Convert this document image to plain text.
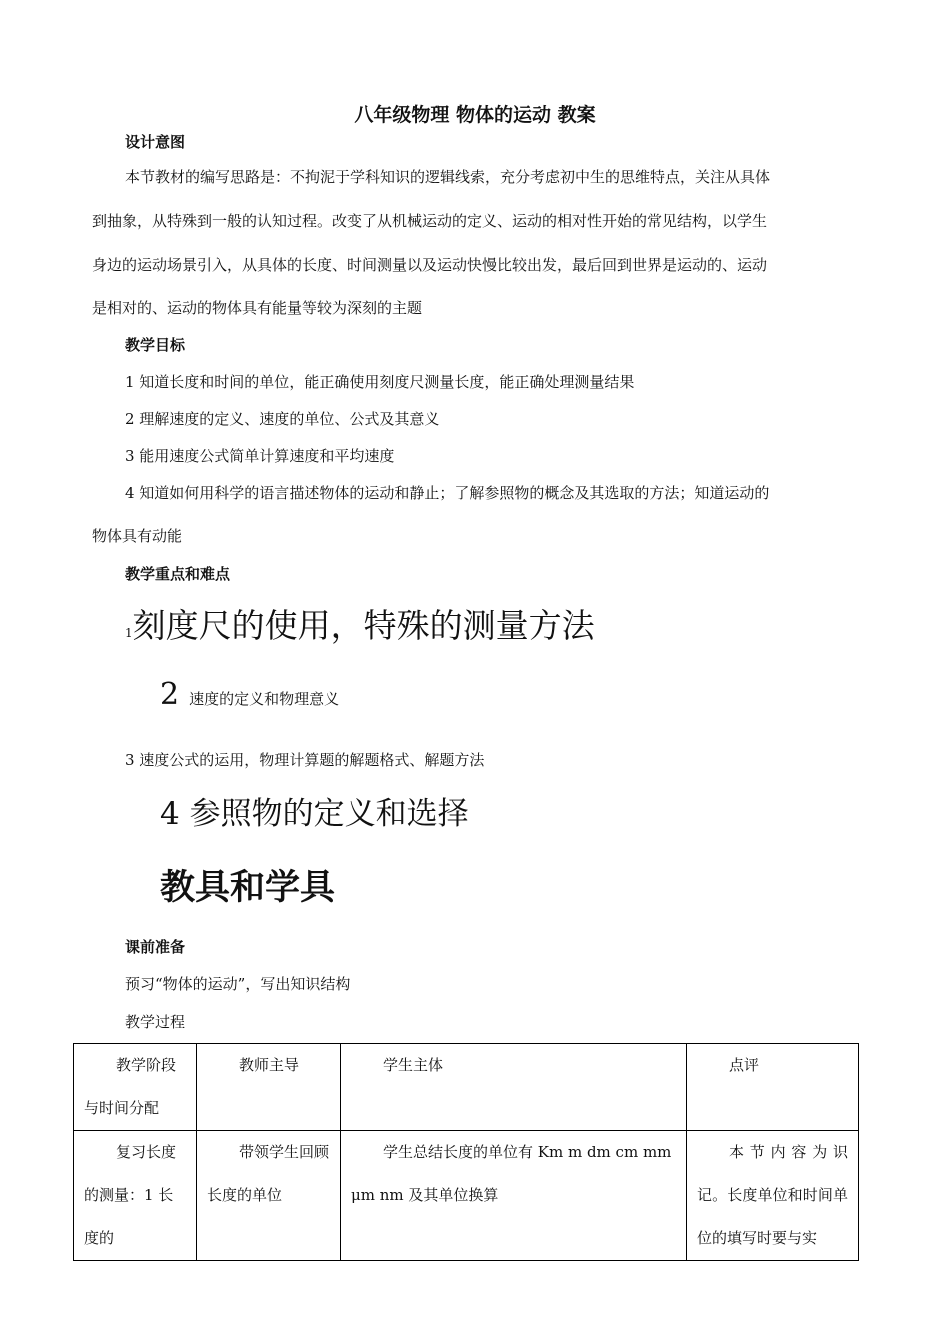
八年级物理 物体的运动 教案
设计意图
本节教材的编写思路是：不拘泥于学科知识的逻辑线索，充分考虑初中生的思维特点，关注从具体
到抽象，从特殊到一般的认知过程。改变了从机械运动的定义、运动的相对性开始的常见结构，以学生
身边的运动场景引入，从具体的长度、时间测量以及运动快慢比较出发，最后回到世界是运动的、运动
是相对的、运动的物体具有能量等较为深刻的主题
教学目标
1 知道长度和时间的单位，能正确使用刻度尺测量长度，能正确处理测量结果
2 理解速度的定义、速度的单位、公式及其意义
3 能用速度公式简单计算速度和平均速度
4 知道如何用科学的语言描述物体的运动和静止；了解参照物的概念及其选取的方法；知道运动的
物体具有动能
教学重点和难点
1刻度尺的使用，特殊的测量方法
2 速度的定义和物理意义
3 速度公式的运用，物理计算题的解题格式、解题方法
4 参照物的定义和选择
教具和学具
课前准备
预习“物体的运动”，写出知识结构
教学过程
教学阶段与时间分配	教师主导	学生主体	点评

复习长度的测量：1 长度的	带领学生回顾长度的单位	学生总结长度的单位有 Km m dm cm mm μm nm 及其单位换算	本节内容为识记。长度单位和时间单位的填写时要与实
